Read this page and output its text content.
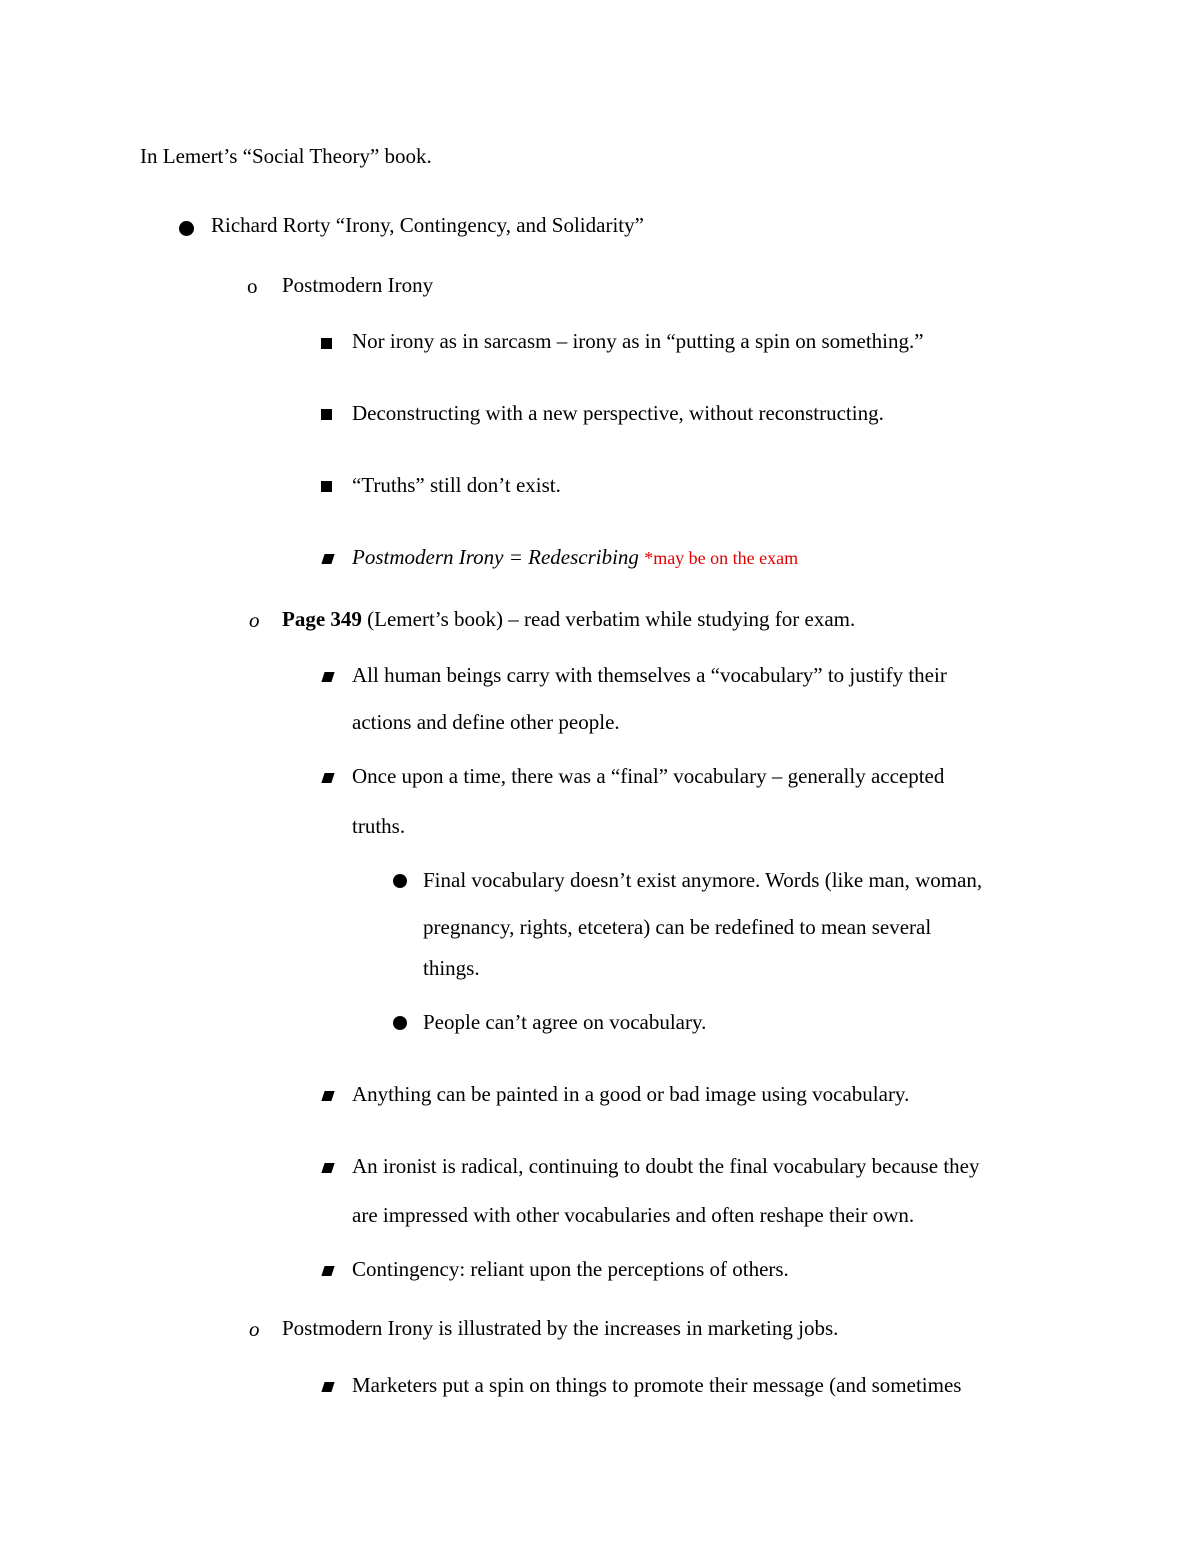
In Lemert’s “Social Theory” book.
Richard Rorty “Irony, Contingency, and Solidarity”
o Postmodern Irony
Nor irony as in sarcasm – irony as in “putting a spin on something.”
Deconstructing with a new perspective, without reconstructing.
“Truths” still don’t exist.
Postmodern Irony = Redescribing *may be on the exam
o Page 349 (Lemert’s book) – read verbatim while studying for exam.
All human beings carry with themselves a “vocabulary” to justify their
actions and define other people.
Once upon a time, there was a “final” vocabulary – generally accepted
truths.
Final vocabulary doesn’t exist anymore. Words (like man, woman,
pregnancy, rights, etcetera) can be redefined to mean several
things.
People can’t agree on vocabulary.
Anything can be painted in a good or bad image using vocabulary.
An ironist is radical, continuing to doubt the final vocabulary because they
are impressed with other vocabularies and often reshape their own.
Contingency: reliant upon the perceptions of others.
o Postmodern Irony is illustrated by the increases in marketing jobs.
Marketers put a spin on things to promote their message (and sometimes
